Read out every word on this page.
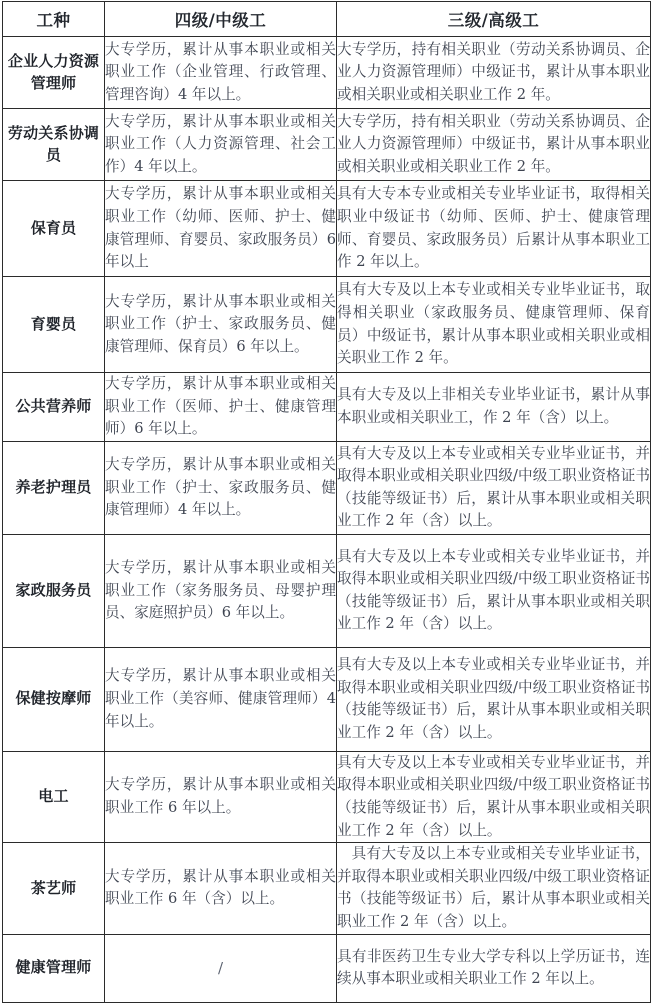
工种	四级/中级工	三级/高级工
企业人力资源管理师	大专学历，累计从事本职业或相关职业工作（企业管理、行政管理、管理咨询）4 年以上。	大专学历，持有相关职业（劳动关系协调员、企业人力资源管理师）中级证书，累计从事本职业或相关职业或相关职业工作 2 年。
劳动关系协调员	大专学历，累计从事本职业或相关职业工作（人力资源管理、社会工作）4 年以上。	大专学历，持有相关职业（劳动关系协调员、企业人力资源管理师）中级证书，累计从事本职业或相关职业或相关职业工作 2 年。
保育员	大专学历，累计从事本职业或相关职业工作（幼师、医师、护士、健康管理师、育婴员、家政服务员）6 年以上	具有大专本专业或相关专业毕业证书，取得相关职业中级证书（幼师、医师、护士、健康管理师、育婴员、家政服务员）后累计从事本职业工作 2 年以上。
育婴员	大专学历，累计从事本职业或相关职业工作（护士、家政服务员、健康管理师、保育员）6 年以上。	具有大专及以上本专业或相关专业毕业证书，取得相关职业（家政服务员、健康管理师、保育员）中级证书，累计从事本职业或相关职业或相关职业工作 2 年。
公共营养师	大专学历，累计从事本职业或相关职业工作（医师、护士、健康管理师）6 年以上。	具有大专及以上非相关专业毕业证书，累计从事本职业或相关职业工，作 2 年（含）以上。
养老护理员	大专学历，累计从事本职业或相关职业工作（护士、家政服务员、健康管理师）4 年以上。	具有大专及以上本专业或相关专业毕业证书，并取得本职业或相关职业四级/中级工职业资格证书（技能等级证书）后，累计从事本职业或相关职业工作 2 年（含）以上。
家政服务员	大专学历，累计从事本职业或相关职业工作（家务服务员、母婴护理员、家庭照护员）6 年以上。	具有大专及以上本专业或相关专业毕业证书，并取得本职业或相关职业四级/中级工职业资格证书（技能等级证书）后，累计从事本职业或相关职业工作 2 年（含）以上。
保健按摩师	大专学历，累计从事本职业或相关职业工作（美容师、健康管理师）4 年以上。	具有大专及以上本专业或相关专业毕业证书，并取得本职业或相关职业四级/中级工职业资格证书（技能等级证书）后，累计从事本职业或相关职业工作 2 年（含）以上。
电工	大专学历，累计从事本职业或相关职业工作 6 年以上。	具有大专及以上本专业或相关专业毕业证书，并取得本职业或相关职业四级/中级工职业资格证书（技能等级证书）后，累计从事本职业或相关职业工作 2 年（含）以上。
茶艺师	大专学历，累计从事本职业或相关职业工作 6 年（含）以上。	具有大专及以上本专业或相关专业毕业证书，并取得本职业或相关职业四级/中级工职业资格证书（技能等级证书）后，累计从事本职业或相关职业工作 2 年（含）以上。
健康管理师	/	具有非医药卫生专业大学专科以上学历证书，连续从事本职业或相关职业工作 2 年以上。
